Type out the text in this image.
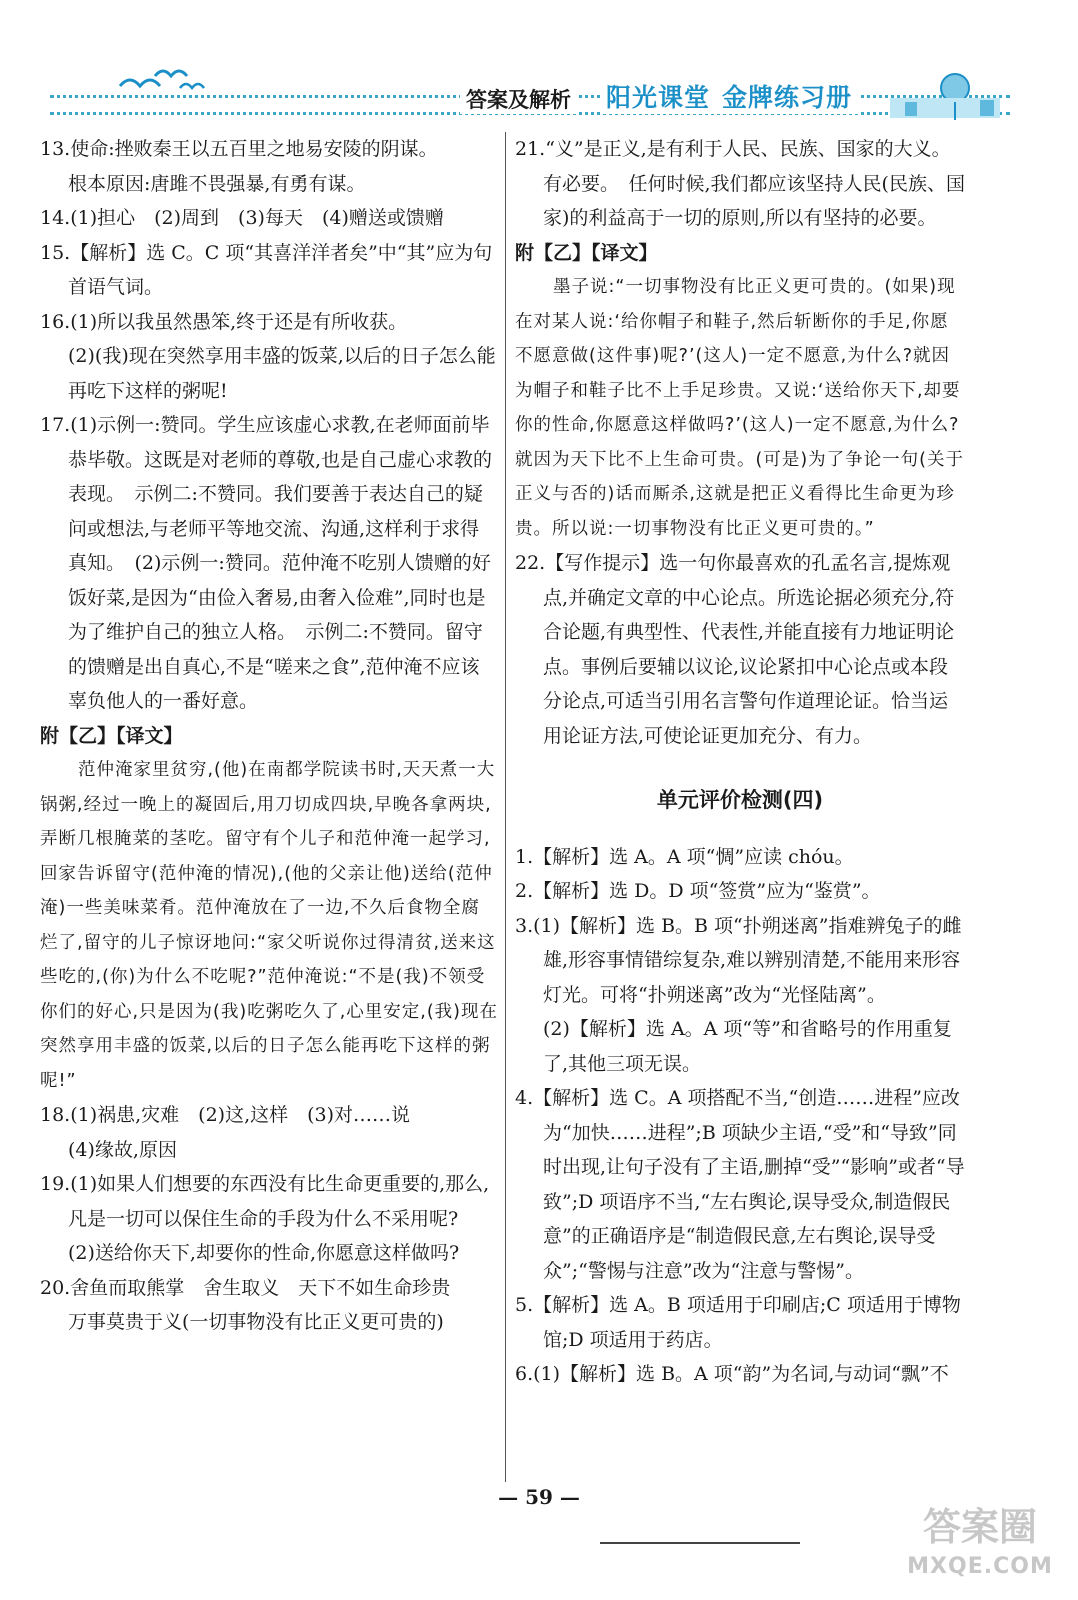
答案及解析 阳光课堂 金牌练习册

13.使命:挫败秦王以五百里之地易安陵的阴谋。

根本原因:唐雎不畏强暴,有勇有谋。

14.(1)担心　(2)周到　(3)每天　(4)赠送或馈赠

15.【解析】选 C。C 项“其喜洋洋者矣”中“其”应为句首语气词。

16.(1)所以我虽然愚笨,终于还是有所收获。

(2)(我)现在突然享用丰盛的饭菜,以后的日子怎么能再吃下这样的粥呢!

17.(1)示例一:赞同。学生应该虚心求教,在老师面前毕恭毕敬。这既是对老师的尊敬,也是自己虚心求教的表现。　示例二:不赞同。我们要善于表达自己的疑问或想法,与老师平等地交流、沟通,这样利于求得真知。　(2)示例一:赞同。范仲淹不吃别人馈赠的好饭好菜,是因为“由俭入奢易,由奢入俭难”,同时也是为了维护自己的独立人格。　示例二:不赞同。留守的馈赠是出自真心,不是“嗟来之食”,范仲淹不应该辜负他人的一番好意。

附【乙】【译文】

范仲淹家里贫穷,(他)在南都学院读书时,天天煮一大锅粥,经过一晚上的凝固后,用刀切成四块,早晚各拿两块,弄断几根腌菜的茎吃。留守有个儿子和范仲淹一起学习,回家告诉留守(范仲淹的情况),(他的父亲让他)送给(范仲淹)一些美味菜肴。范仲淹放在了一边,不久后食物全腐烂了,留守的儿子惊讶地问:“家父听说你过得清贫,送来这些吃的,(你)为什么不吃呢?”范仲淹说:“不是(我)不领受你们的好心,只是因为(我)吃粥吃久了,心里安定,(我)现在突然享用丰盛的饭菜,以后的日子怎么能再吃下这样的粥呢!”

18.(1)祸患,灾难　(2)这,这样　(3)对……说

(4)缘故,原因

19.(1)如果人们想要的东西没有比生命更重要的,那么,凡是一切可以保住生命的手段为什么不采用呢?

(2)送给你天下,却要你的性命,你愿意这样做吗?

20.舍鱼而取熊掌　舍生取义　天下不如生命珍贵

万事莫贵于义(一切事物没有比正义更可贵的)

21.“义”是正义,是有利于人民、民族、国家的大义。有必要。　任何时候,我们都应该坚持人民(民族、国家)的利益高于一切的原则,所以有坚持的必要。

附【乙】【译文】

墨子说:“一切事物没有比正义更可贵的。(如果)现在对某人说:‘给你帽子和鞋子,然后斩断你的手足,你愿不愿意做(这件事)呢?’(这人)一定不愿意,为什么?就因为帽子和鞋子比不上手足珍贵。又说:‘送给你天下,却要你的性命,你愿意这样做吗?’(这人)一定不愿意,为什么?就因为天下比不上生命可贵。(可是)为了争论一句(关于正义与否的)话而厮杀,这就是把正义看得比生命更为珍贵。所以说:一切事物没有比正义更可贵的。”

22.【写作提示】选一句你最喜欢的孔孟名言,提炼观点,并确定文章的中心论点。所选论据必须充分,符合论题,有典型性、代表性,并能直接有力地证明论点。事例后要辅以议论,议论紧扣中心论点或本段分论点,可适当引用名言警句作道理论证。恰当运用论证方法,可使论证更加充分、有力。

单元评价检测(四)

1.【解析】选 A。A 项“惆”应读 chóu。

2.【解析】选 D。D 项“签赏”应为“鉴赏”。

3.(1)【解析】选 B。B 项“扑朔迷离”指难辨兔子的雌雄,形容事情错综复杂,难以辨别清楚,不能用来形容灯光。可将“扑朔迷离”改为“光怪陆离”。

(2)【解析】选 A。A 项“等”和省略号的作用重复了,其他三项无误。

4.【解析】选 C。A 项搭配不当,“创造……进程”应改为“加快……进程”;B 项缺少主语,“受”和“导致”同时出现,让句子没有了主语,删掉“受”“影响”或者“导致”;D 项语序不当,“左右舆论,误导受众,制造假民意”的正确语序是“制造假民意,左右舆论,误导受众”;“警惕与注意”改为“注意与警惕”。

5.【解析】选 A。B 项适用于印刷店;C 项适用于博物馆;D 项适用于药店。

6.(1)【解析】选 B。A 项“韵”为名词,与动词“飘”不

— 59 —
答案圈
MXQE.COM
